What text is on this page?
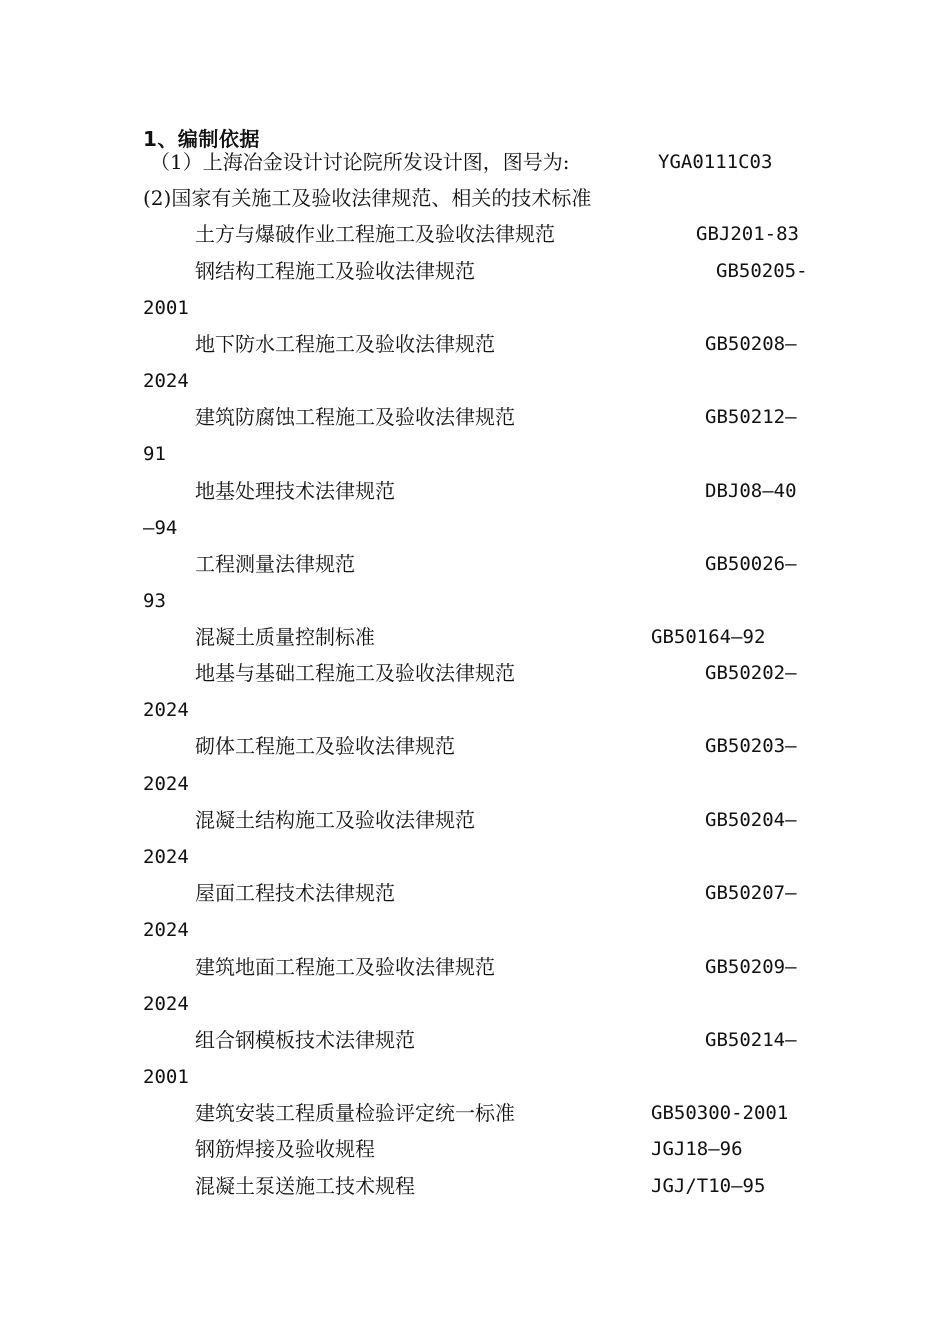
1、编制依据
（1）上海冶金设计讨论院所发设计图，图号为:	YGA0111C03
(2)国家有关施工及验收法律规范、相关的技术标准
土方与爆破作业工程施工及验收法律规范	GBJ201-83
钢结构工程施工及验收法律规范	GB50205-
2001
地下防水工程施工及验收法律规范	GB50208—
2024
建筑防腐蚀工程施工及验收法律规范	GB50212—
91
地基处理技术法律规范	DBJ08—40
—94
工程测量法律规范	GB50026—
93
混凝土质量控制标准	GB50164—92
地基与基础工程施工及验收法律规范	GB50202—
2024
砌体工程施工及验收法律规范	GB50203—
2024
混凝土结构施工及验收法律规范	GB50204—
2024
屋面工程技术法律规范	GB50207—
2024
建筑地面工程施工及验收法律规范	GB50209—
2024
组合钢模板技术法律规范	GB50214—
2001
建筑安装工程质量检验评定统一标准	GB50300-2001
钢筋焊接及验收规程	JGJ18—96
混凝土泵送施工技术规程	JGJ/T10—95
